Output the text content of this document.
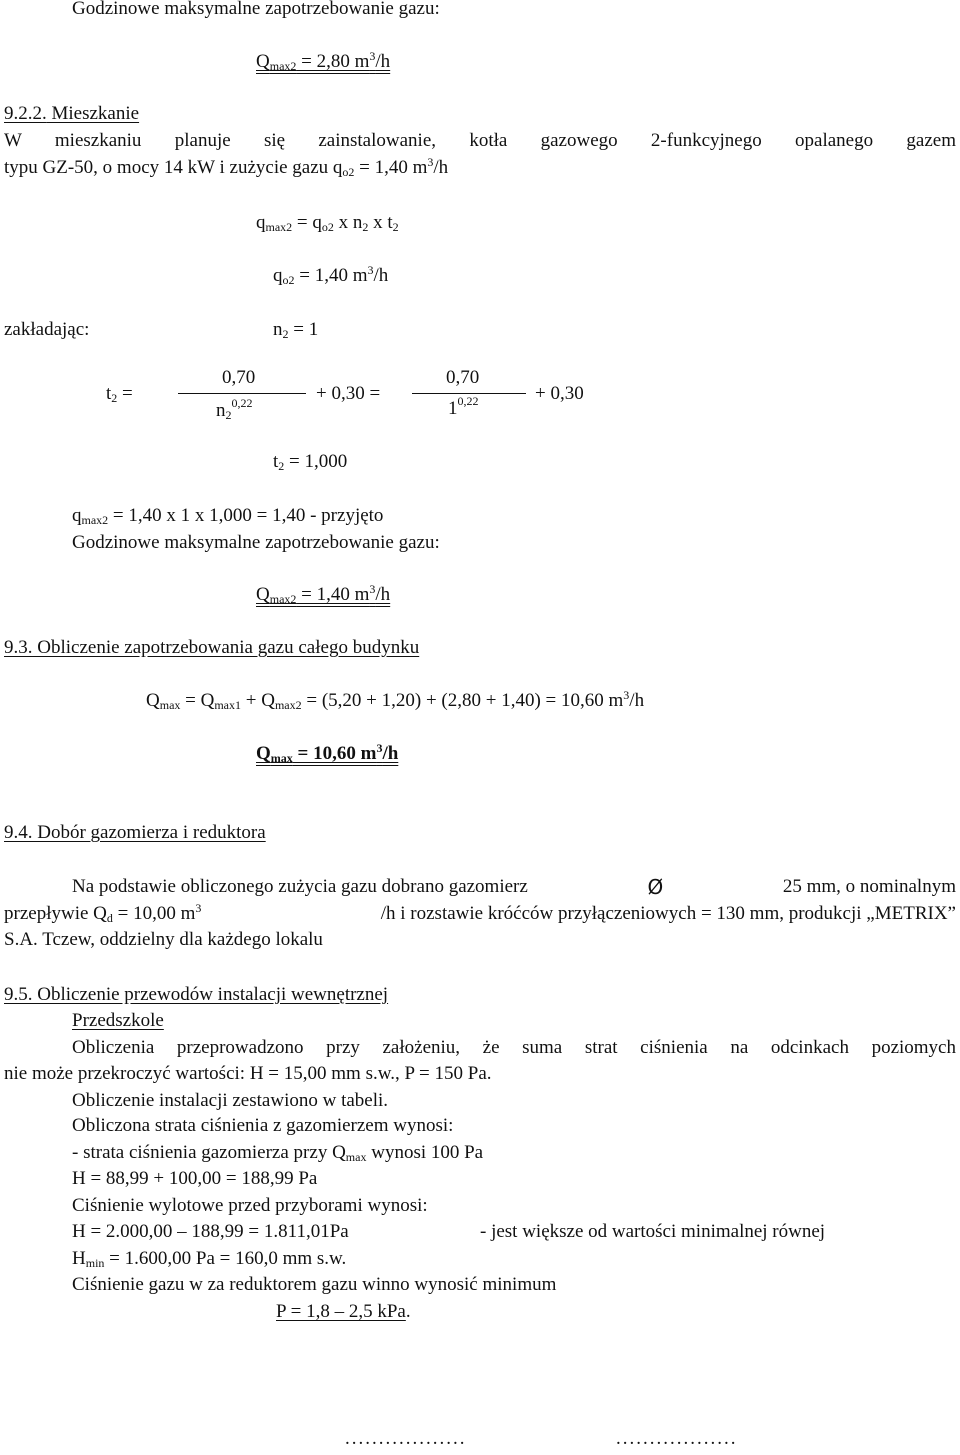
Godzinowe maksymalne zapotrzebowanie gazu:
$Q_{max2} = 2,80$ $m^3/h$
9.2.2. Mieszkanie
W mieszkaniu planuje się zainstalowanie, kotła gazowego 2-funkcyjnego opalanego gazem
typu GZ-50, o mocy 14 kW i zużycie gazu $q_{o2} = 1,40$ $m^3/h$
$q_{max2} = q_{o2}$ x $n_2$ x $t_2$
$q_{o2} = 1,40$ $m^3/h$
zakładając:	$n_2 = 1$
$t_2$ =
0,70
$n_2^{0,22}$	+ 0,30 =
0,70
$1^{0,22}$	+ 0,30
$t_2 = 1,000$
$q_{max2} = 1,40$ x 1 x 1,000 = 1,40 - przyjęto
Godzinowe maksymalne zapotrzebowanie gazu:
$Q_{max2} = 1,40$ $m^3/h$
9.3. Obliczenie zapotrzebowania gazu całego budynku
$Q_{max} = Q_{max1} + Q_{max2} = (5,20 + 1,20) + (2,80 + 1,40) = 10,60$ $m^3/h$
$Q_{max} = 10,60$ $m^3/h$
9.4. Dobór gazomierza i reduktora
Na podstawie obliczonego zużycia gazu dobrano gazomierz	Ø	25 mm, o nominalnym
przepływie $Q_d = 10,00$ $m^3$	/h i rozstawie króćców przyłączeniowych = 130 mm, produkcji „METRIX”
S.A. Tczew, oddzielny dla każdego lokalu
9.5. Obliczenie przewodów instalacji wewnętrznej
Przedszkole
Obliczenia przeprowadzono przy założeniu, że suma strat ciśnienia na odcinkach poziomych
nie może przekroczyć wartości: H = 15,00 mm s.w., P = 150 Pa.
Obliczenie instalacji zestawiono w tabeli.
Obliczona strata ciśnienia z gazomierzem wynosi:
- strata ciśnienia gazomierza przy $Q_{max}$ wynosi 100 Pa
H = 88,99 + 100,00 = 188,99 Pa
Ciśnienie wylotowe przed przyborami wynosi:
H = 2.000,00 – 188,99 = 1.811,01Pa	- jest większe od wartości minimalnej równej
$H_{min} = 1.600,00$ Pa = 160,0 mm s.w.
Ciśnienie gazu w za reduktorem gazu winno wynosić minimum
P = 1,8 – 2,5 kPa.
..................	..................
